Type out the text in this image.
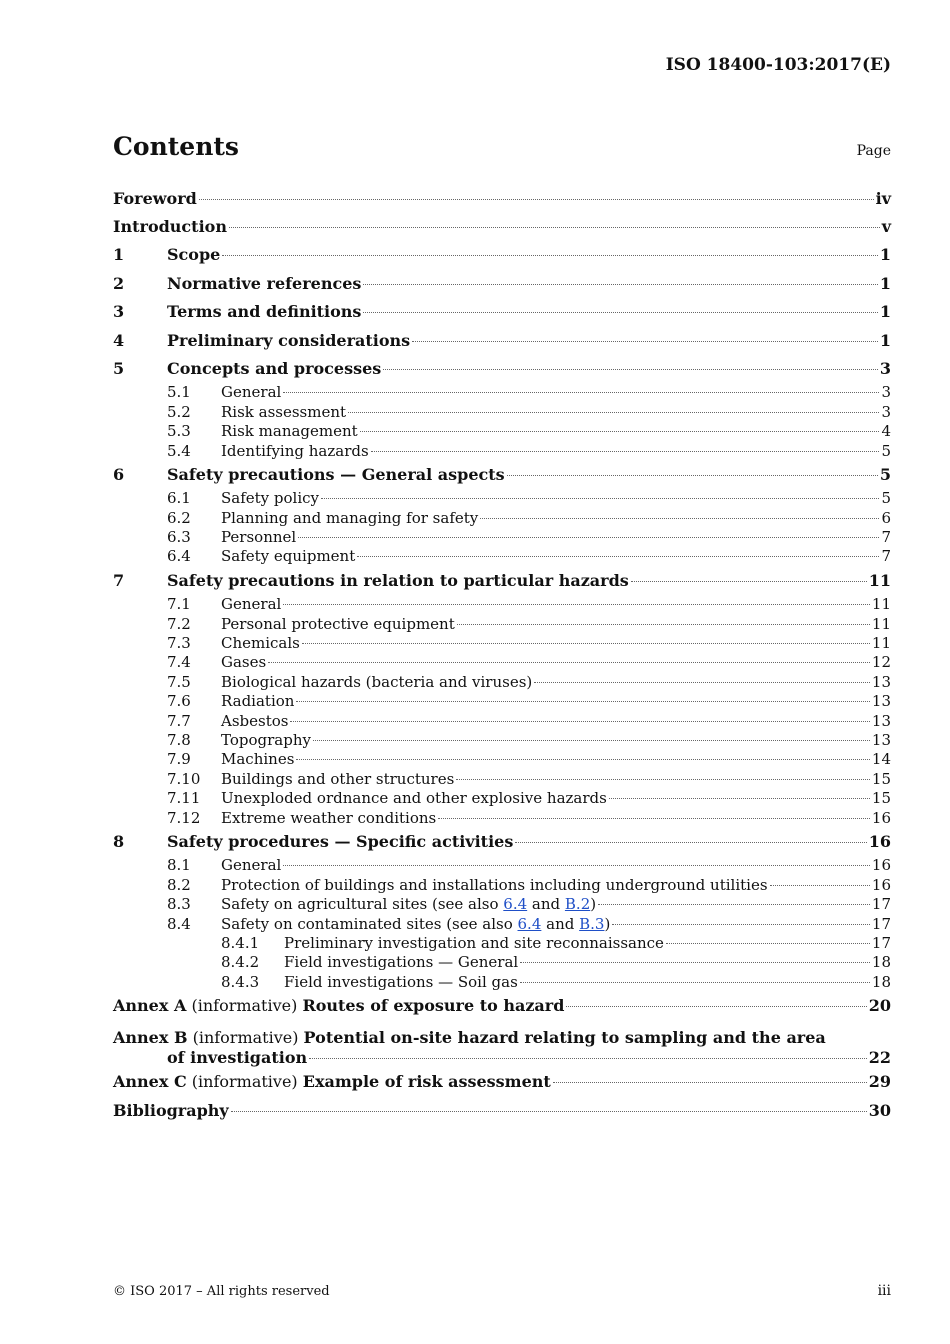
ISO 18400-103:2017(E)
Contents	Page
Foreword	iv
Introduction	v
1	Scope	1
2	Normative references	1
3	Terms and definitions	1
4	Preliminary considerations	1
5	Concepts and processes	3
5.1	General	3
5.2	Risk assessment	3
5.3	Risk management	4
5.4	Identifying hazards	5
6	Safety precautions — General aspects	5
6.1	Safety policy	5
6.2	Planning and managing for safety	6
6.3	Personnel	7
6.4	Safety equipment	7
7	Safety precautions in relation to particular hazards	11
7.1	General	11
7.2	Personal protective equipment	11
7.3	Chemicals	11
7.4	Gases	12
7.5	Biological hazards (bacteria and viruses)	13
7.6	Radiation	13
7.7	Asbestos	13
7.8	Topography	13
7.9	Machines	14
7.10	Buildings and other structures	15
7.11	Unexploded ordnance and other explosive hazards	15
7.12	Extreme weather conditions	16
8	Safety procedures — Specific activities	16
8.1	General	16
8.2	Protection of buildings and installations including underground utilities	16
8.3	Safety on agricultural sites (see also 6.4 and B.2)	17
8.4	Safety on contaminated sites (see also 6.4 and B.3)	17
8.4.1	Preliminary investigation and site reconnaissance	17
8.4.2	Field investigations — General	18
8.4.3	Field investigations — Soil gas	18
Annex A (informative) Routes of exposure to hazard	20
Annex B (informative) Potential on-site hazard relating to sampling and the area
of investigation	22
Annex C (informative) Example of risk assessment	29
Bibliography	30
© ISO 2017 – All rights reserved	iii
